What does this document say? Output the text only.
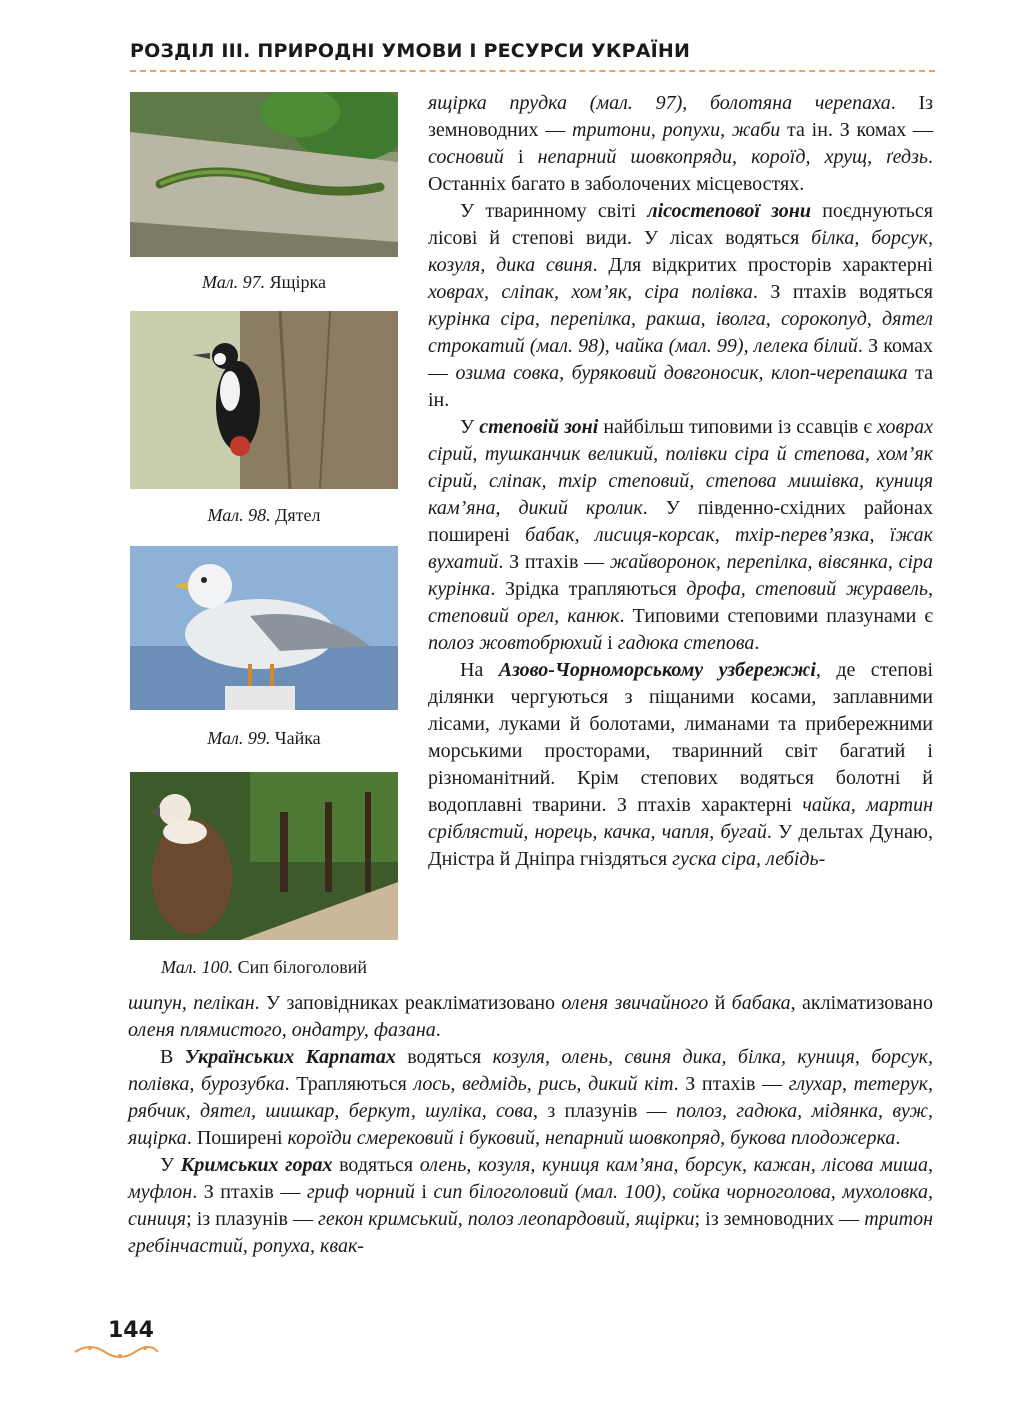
РОЗДІЛ III. ПРИРОДНІ УМОВИ І РЕСУРСИ УКРАЇНИ
Мал. 97. Ящірка
Мал. 98. Дятел
Мал. 99. Чайка
Мал. 100. Сип білоголовий

ящірка прудка (мал. 97), болотяна черепаха. Із земноводних — тритони, ропухи, жаби та ін. З комах — сосновий і непарний шовкопряди, короїд, хрущ, ґедзь. Останніх багато в заболочених місцевостях.

У тваринному світі лісостепової зони поєднуються лісові й степові види. У лісах водяться білка, борсук, козуля, дика свиня. Для відкритих просторів характерні ховрах, сліпак, хом’як, сіра полівка. З птахів водяться курінка сіра, перепілка, ракша, іволга, сорокопуд, дятел строкатий (мал. 98), чайка (мал. 99), лелека білий. З комах — озима совка, буряковий довгоносик, клоп-черепашка та ін.

У степовій зоні найбільш типовими із ссавців є ховрах сірий, тушканчик великий, полівки сіра й степова, хом’як сірий, сліпак, тхір степовий, степова мишівка, куниця кам’яна, дикий кролик. У південно-східних районах поширені бабак, лисиця-корсак, тхір-перев’язка, їжак вухатий. З птахів — жайворонок, перепілка, вівсянка, сіра курінка. Зрідка трапляються дрофа, степовий журавель, степовий орел, канюк. Типовими степовими плазунами є полоз жовтобрюхий і гадюка степова.

На Азово-Чорноморському узбережжі, де степові ділянки чергуються з піщаними косами, заплавними лісами, луками й болотами, лиманами та прибережними морськими просторами, тваринний світ багатий і різноманітний. Крім степових водяться болотні й водоплавні тварини. З птахів характерні чайка, мартин сріблястий, норець, качка, чапля, бугай. У дельтах Дунаю, Дністра й Дніпра гніздяться гуска сіра, лебідь-

шипун, пелікан. У заповідниках реакліматизовано оленя звичайного й бабака, акліматизовано оленя плямистого, ондатру, фазана.

В Українських Карпатах водяться козуля, олень, свиня дика, білка, куниця, борсук, полівка, бурозубка. Трапляються лось, ведмідь, рись, дикий кіт. З птахів — глухар, тетерук, рябчик, дятел, шишкар, беркут, шуліка, сова, з плазунів — полоз, гадюка, мідянка, вуж, ящірка. Поширені короїди смерековий і буковий, непарний шовкопряд, букова плодожерка.

У Кримських горах водяться олень, козуля, куниця кам’яна, борсук, кажан, лісова миша, муфлон. З птахів — гриф чорний і сип білоголовий (мал. 100), сойка чорноголова, мухоловка, синиця; із плазунів — гекон кримський, полоз леопардовий, ящірки; із земноводних — тритон гребінчастий, ропуха, квак-

144
